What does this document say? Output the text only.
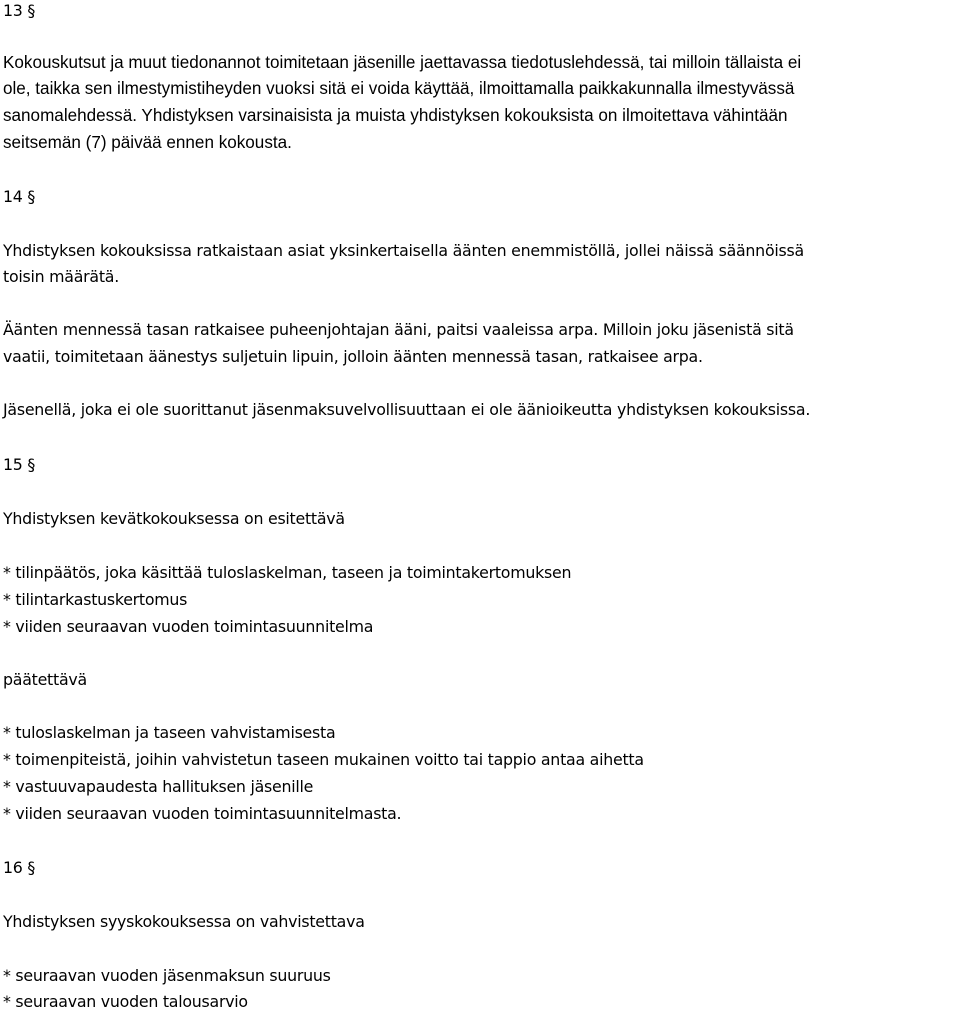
13 §
Kokouskutsut ja muut tiedonannot toimitetaan jäsenille jaettavassa tiedotuslehdessä, tai milloin tällaista ei
ole, taikka sen ilmestymistiheyden vuoksi sitä ei voida käyttää, ilmoittamalla paikkakunnalla ilmestyvässä
sanomalehdessä. Yhdistyksen varsinaisista ja muista yhdistyksen kokouksista on ilmoitettava vähintään
seitsemän (7) päivää ennen kokousta.
14 §
Yhdistyksen kokouksissa ratkaistaan asiat yksinkertaisella äänten enemmistöllä, jollei näissä säännöissä
toisin määrätä.
Äänten mennessä tasan ratkaisee puheenjohtajan ääni, paitsi vaaleissa arpa. Milloin joku jäsenistä sitä
vaatii, toimitetaan äänestys suljetuin lipuin, jolloin äänten mennessä tasan, ratkaisee arpa.
Jäsenellä, joka ei ole suorittanut jäsenmaksuvelvollisuuttaan ei ole äänioikeutta yhdistyksen kokouksissa.
15 §
Yhdistyksen kevätkokouksessa on esitettävä
* tilinpäätös, joka käsittää tuloslaskelman, taseen ja toimintakertomuksen
* tilintarkastuskertomus
* viiden seuraavan vuoden toimintasuunnitelma
päätettävä
* tuloslaskelman ja taseen vahvistamisesta
* toimenpiteistä, joihin vahvistetun taseen mukainen voitto tai tappio antaa aihetta
* vastuuvapaudesta hallituksen jäsenille
* viiden seuraavan vuoden toimintasuunnitelmasta.
16 §
Yhdistyksen syyskokouksessa on vahvistettava
* seuraavan vuoden jäsenmaksun suuruus
* seuraavan vuoden talousarvio
